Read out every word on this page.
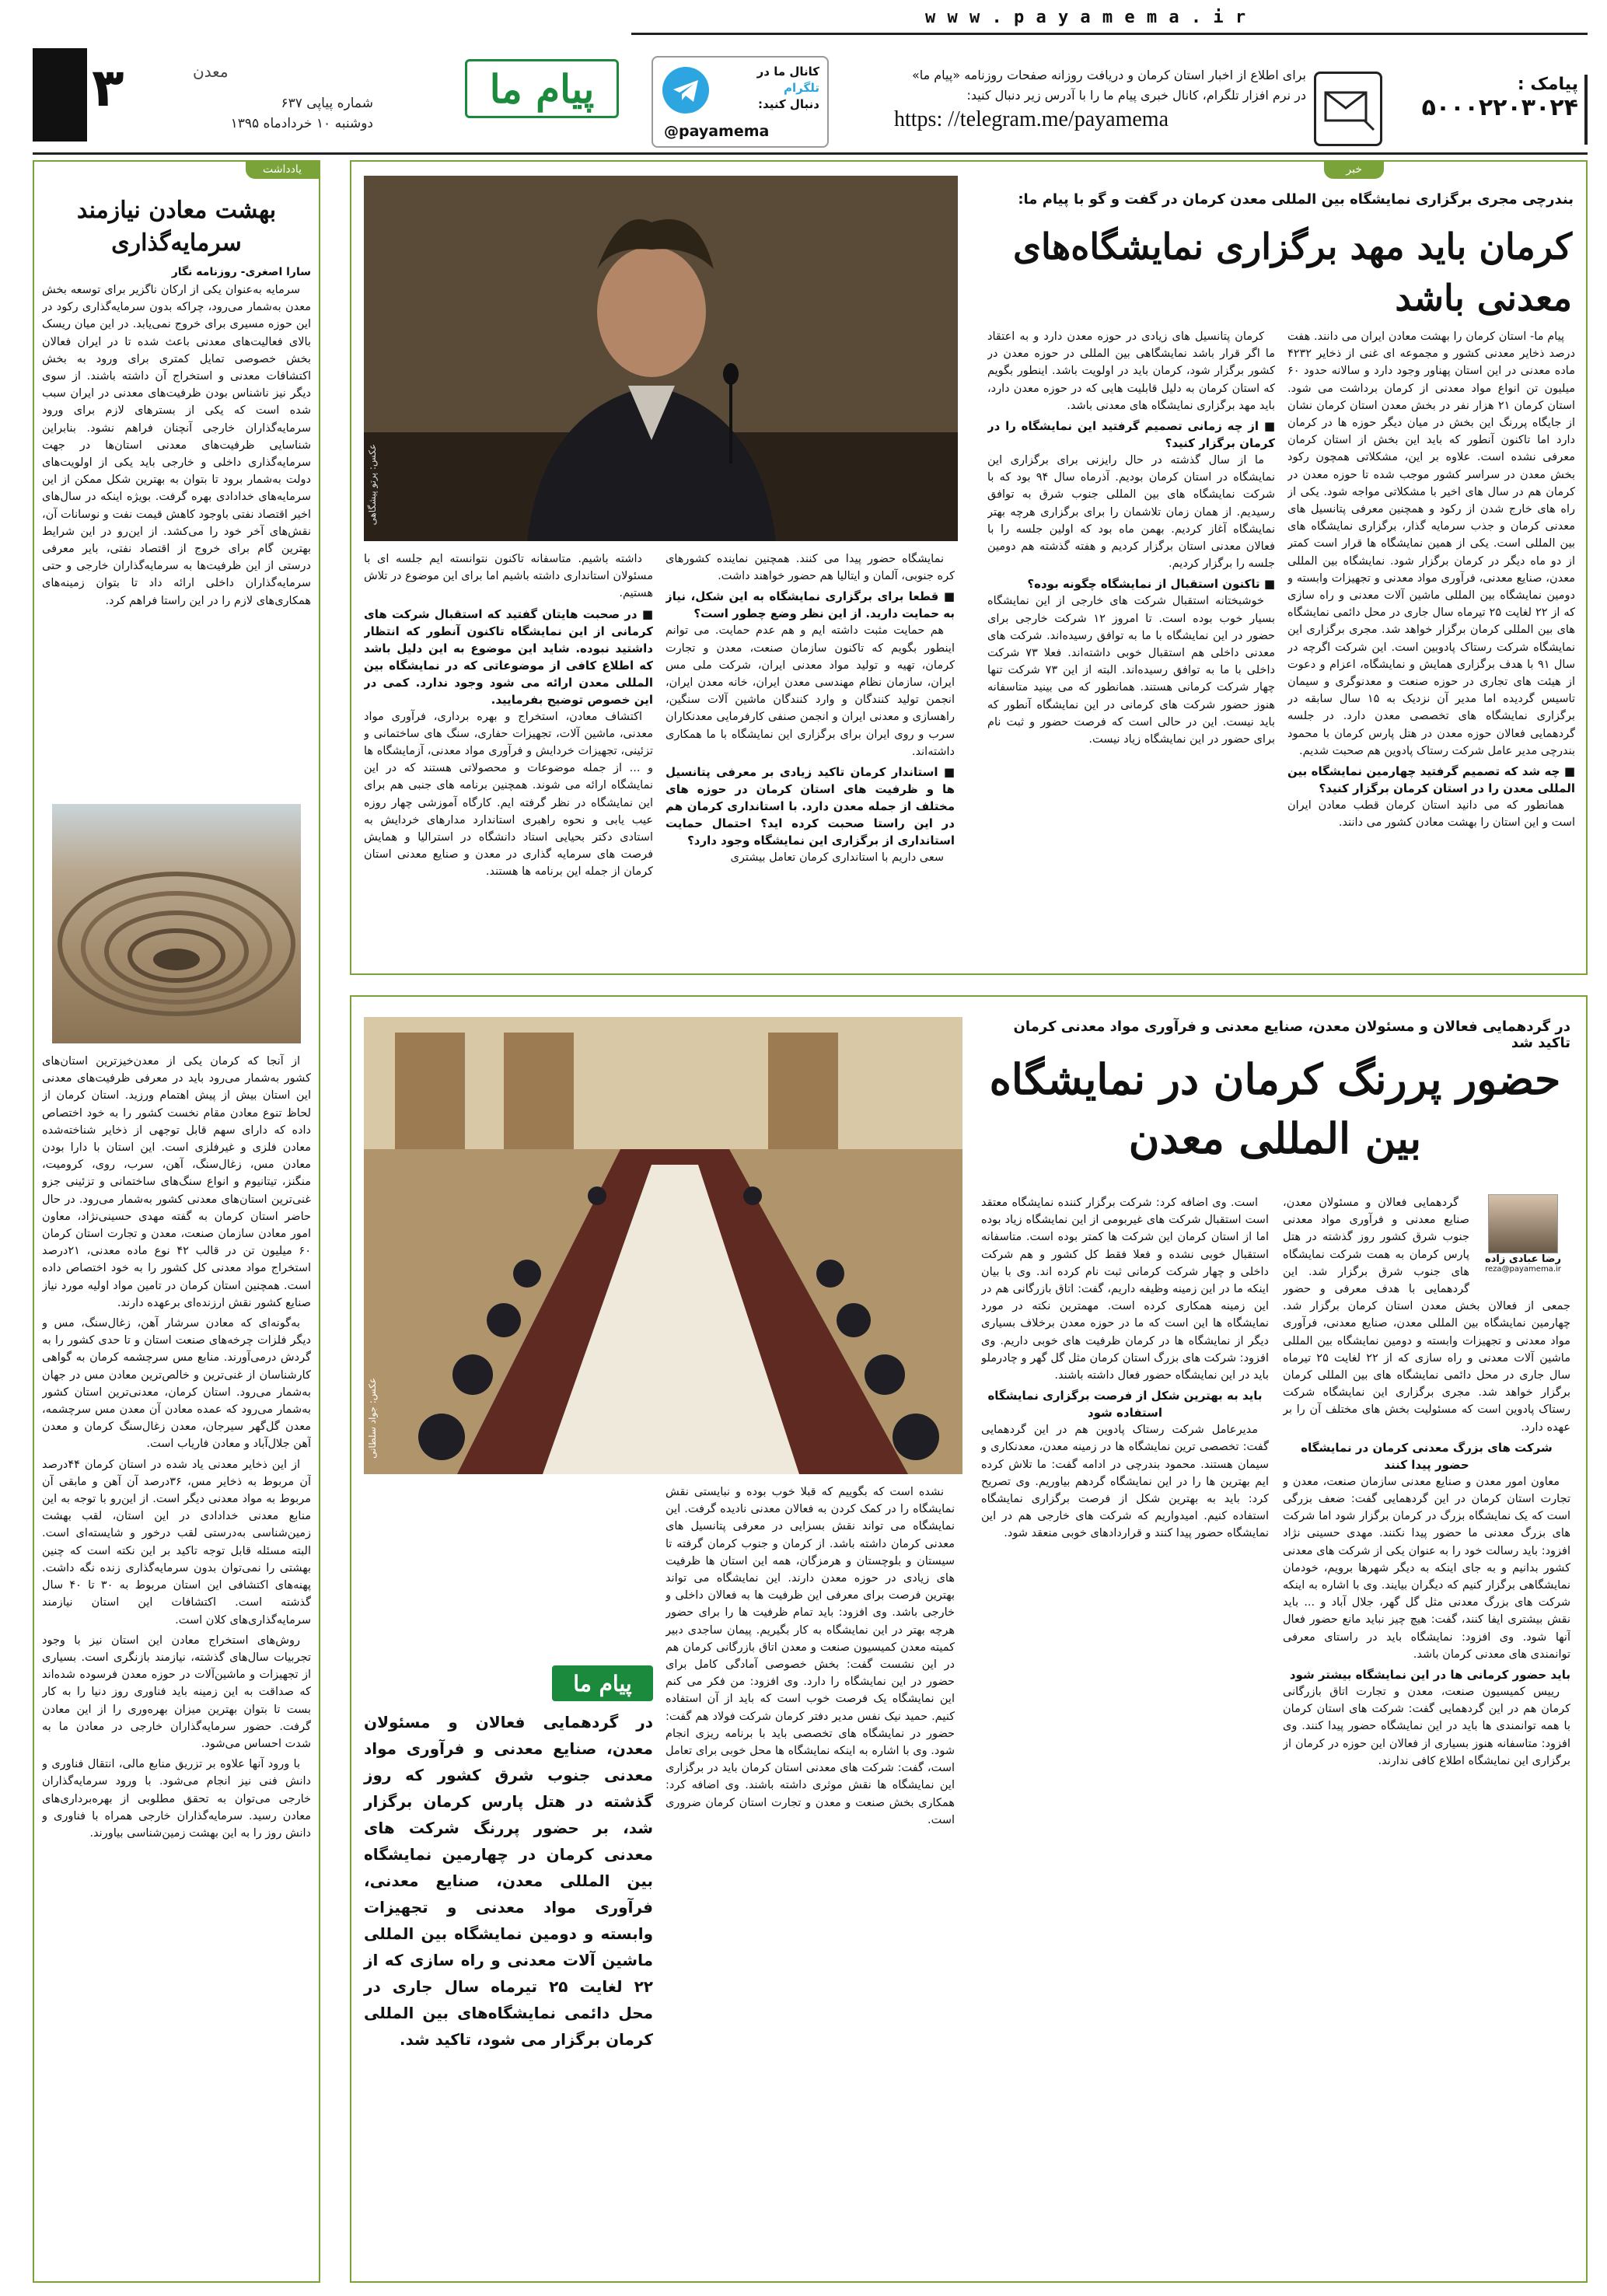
w w w . p a y a m e m a . i r
۳	معدن
شماره پیاپی ۶۳۷
دوشنبه ۱۰ خردادماه ۱۳۹۵
پیام ما	کانال ما در
تلگرام
دنبال کنید:
@payamema
برای اطلاع از اخبار استان کرمان و دریافت روزانه صفحات روزنامه «پیام ما»
در نرم افزار تلگرام، کانال خبری پیام ما را با آدرس زیر دنبال کنید:
https: //telegram.me/payamema
پیامک :
۵۰۰۰۲۲۰۳۰۲۴
یادداشت
بهشت معادن نیازمند سرمایه‌گذاری
سارا اصغری- روزنامه نگار

سرمایه به‌عنوان یکی از ارکان ناگزیر برای توسعه بخش معدن به‌شمار می‌رود، چراکه بدون سرمایه‌گذاری رکود در این حوزه مسیری برای خروج نمی‌یابد. در این میان ریسک بالای فعالیت‌های معدنی باعث شده تا در ایران فعالان بخش خصوصی تمایل کمتری برای ورود به بخش اکتشافات معدنی و استخراج آن داشته باشند. از سوی دیگر نیز ناشناس بودن ظرفیت‌های معدنی در ایران سبب شده است که یکی از بسترهای لازم برای ورود سرمایه‌گذاران خارجی آنچنان فراهم نشود. بنابراین شناسایی ظرفیت‌های معدنی استان‌ها در جهت سرمایه‌گذاری داخلی و خارجی باید یکی از اولویت‌های دولت به‌شمار برود تا بتوان به بهترین شکل ممکن از این سرمایه‌های خدادادی بهره گرفت. بویژه اینکه در سال‌های اخیر اقتصاد نفتی باوجود کاهش قیمت نفت و نوسانات آن، نقش‌های آخر خود را می‌کشد. از این‌رو در این شرایط بهترین گام برای خروج از اقتصاد نفتی، بایر معرفی درستی از این ظرفیت‌ها به سرمایه‌گذاران خارجی و حتی سرمایه‌گذاران داخلی ارائه داد تا بتوان زمینه‌های همکاری‌های لازم را در این راستا فراهم کرد.

از آنجا که کرمان یکی از معدن‌خیزترین استان‌های کشور به‌شمار می‌رود باید در معرفی ظرفیت‌های معدنی این استان بیش از پیش اهتمام ورزید. استان کرمان از لحاظ تنوع معادن مقام نخست کشور را به خود اختصاص داده که دارای سهم قابل توجهی از ذخایر شناخته‌شده معادن فلزی و غیرفلزی است. این استان با دارا بودن معادن مس، زغال‌سنگ، آهن، سرب، روی، کرومیت، منگنز، تیتانیوم و انواع سنگ‌های ساختمانی و تزئینی جزو غنی‌ترین استان‌های معدنی کشور به‌شمار می‌رود. در حال حاضر استان کرمان به گفته مهدی حسینی‌نژاد، معاون امور معادن سازمان صنعت، معدن و تجارت استان کرمان ۶۰ میلیون تن در قالب ۴۲ نوع ماده معدنی، ۲۱درصد استخراج مواد معدنی کل کشور را به خود اختصاص داده است. همچنین استان کرمان در تامین مواد اولیه مورد نیاز صنایع کشور نقش ارزنده‌ای برعهده دارند.

به‌گونه‌ای که معادن سرشار آهن، زغال‌سنگ، مس و دیگر فلزات چرخه‌های صنعت استان و تا حدی کشور را به گردش درمی‌آورند. منابع مس سرچشمه کرمان به گواهی کارشناسان از غنی‌ترین و خالص‌ترین معادن مس در جهان به‌شمار می‌رود. استان کرمان، معدنی‌ترین استان کشور به‌شمار می‌رود که عمده معادن آن معدن مس سرچشمه، معدن گل‌گهر سیرجان، معدن زغال‌سنگ کرمان و معدن آهن جلال‌آباد و معادن فاریاب است.

از این ذخایر معدنی یاد شده در استان کرمان ۴۴درصد آن مربوط به ذخایر مس، ۳۶درصد آن آهن و مابقی آن مربوط به مواد معدنی دیگر است. از این‌رو با توجه به این منابع معدنی خدادادی در این استان، لقب بهشت زمین‌شناسی به‌درستی لقب درخور و شایسته‌ای است. البته مسئله قابل توجه تاکید بر این نکته است که چنین بهشتی را نمی‌توان بدون سرمایه‌گذاری زنده نگه داشت. پهنه‌های اکتشافی این استان مربوط به ۳۰ تا ۴۰ سال گذشته است. اکتشافات این استان نیازمند سرمایه‌گذاری‌های کلان است.

روش‌های استخراج معادن این استان نیز با وجود تجربیات سال‌های گذشته، نیازمند بازنگری است. بسیاری از تجهیزات و ماشین‌آلات در حوزه معدن فرسوده شده‌اند که صداقت به این زمینه باید فناوری روز دنیا را به کار بست تا بتوان بهترین میزان بهره‌وری را از این معادن گرفت. حضور سرمایه‌گذاران خارجی در معادن ما به شدت احساس می‌شود.

با ورود آنها علاوه بر تزریق منابع مالی، انتقال فناوری و دانش فنی نیز انجام می‌شود. با ورود سرمایه‌گذاران خارجی می‌توان به تحقق مطلوبی از بهره‌برداری‌های معادن رسید. سرمایه‌گذاران خارجی همراه با فناوری و دانش روز را به این بهشت زمین‌شناسی بیاورند.

خبر
بندرچی مجری برگزاری نمایشگاه بین المللی معدن کرمان در گفت و گو با پیام ما:
کرمان باید مهد برگزاری نمایشگاه‌های معدنی باشد
عکس: پرتو پیشگاهی

پیام ما- استان کرمان را بهشت معادن ایران می دانند. هفت درصد ذخایر معدنی کشور و مجموعه ای غنی از ذخایر ۴۲۳۲ ماده معدنی در این استان پهناور وجود دارد و سالانه حدود ۶۰ میلیون تن انواع مواد معدنی از کرمان برداشت می شود. استان کرمان ۲۱ هزار نفر در بخش معدن استان کرمان نشان از جایگاه پررنگ این بخش در میان دیگر حوزه ها در کرمان دارد اما تاکنون آنطور که باید این بخش از استان کرمان معرفی نشده است. علاوه بر این، مشکلاتی همچون رکود بخش معدن در سراسر کشور موجب شده تا حوزه معدن در کرمان هم در سال های اخیر با مشکلاتی مواجه شود. یکی از راه های خارج شدن از رکود و همچنین معرفی پتانسیل های معدنی کرمان و جذب سرمایه گذار، برگزاری نمایشگاه های بین المللی است. یکی از همین نمایشگاه ها قرار است کمتر از دو ماه دیگر در کرمان برگزار شود. نمایشگاه بین المللی معدن، صنایع معدنی، فرآوری مواد معدنی و تجهیزات وابسته و دومین نمایشگاه بین المللی ماشین آلات معدنی و راه سازی که از ۲۲ لغایت ۲۵ تیرماه سال جاری در محل دائمی نمایشگاه های بین المللی کرمان برگزار خواهد شد. مجری برگزاری این نمایشگاه شرکت رستاک پادوبین است. این شرکت اگرچه در سال ۹۱ با هدف برگزاری همایش و نمایشگاه، اعزام و دعوت از هیئت های تجاری در حوزه صنعت و معدنوگری و سیمان تاسیس گردیده اما مدیر آن نزدیک به ۱۵ سال سابقه در برگزاری نمایشگاه های تخصصی معدن دارد. در جلسه گردهمایی فعالان حوزه معدن در هتل پارس کرمان با محمود بندرچی مدیر عامل شرکت رستاک پادوین هم صحبت شدیم.

■ چه شد که تصمیم گرفتید چهارمین نمایشگاه بین المللی معدن را در استان کرمان برگزار کنید؟

همانطور که می دانید استان کرمان قطب معادن ایران است و این استان را بهشت معادن کشور می دانند.

کرمان پتانسیل های زیادی در حوزه معدن دارد و به اعتقاد ما اگر قرار باشد نمایشگاهی بین المللی در حوزه معدن در کشور برگزار شود، کرمان باید در اولویت باشد. اینطور بگویم که استان کرمان به دلیل قابلیت هایی که در حوزه معدن دارد، باید مهد برگزاری نمایشگاه های معدنی باشد.

■ از چه زمانی تصمیم گرفتید این نمایشگاه را در کرمان برگزار کنید؟

ما از سال گذشته در حال رایزنی برای برگزاری این نمایشگاه در استان کرمان بودیم. آذرماه سال ۹۴ بود که با شرکت نمایشگاه های بین المللی جنوب شرق به توافق رسیدیم. از همان زمان تلاشمان را برای برگزاری هرچه بهتر نمایشگاه آغاز کردیم. بهمن ماه بود که اولین جلسه را با فعالان معدنی استان برگزار کردیم و هفته گذشته هم دومین جلسه را برگزار کردیم.

■ تاکنون استقبال از نمایشگاه چگونه بوده؟

خوشبختانه استقبال شرکت های خارجی از این نمایشگاه بسیار خوب بوده است. تا امروز ۱۲ شرکت خارجی برای حضور در این نمایشگاه با ما به توافق رسیده‌اند. شرکت های معدنی داخلی هم استقبال خوبی داشته‌اند. فعلا ۷۳ شرکت داخلی با ما به توافق رسیده‌اند. البته از این ۷۳ شرکت تنها چهار شرکت کرمانی هستند. همانطور که می بینید متاسفانه هنوز حضور شرکت های کرمانی در این نمایشگاه آنطور که باید نیست. این در حالی است که فرصت حضور و ثبت نام برای حضور در این نمایشگاه زیاد نیست.

نمایشگاه حضور پیدا می کنند. همچنین نماینده کشورهای کره جنوبی، آلمان و ایتالیا هم حضور خواهند داشت.

■ قطعا برای برگزاری نمایشگاه به این شکل، نیاز به حمایت دارید. از این نظر وضع چطور است؟

هم حمایت مثبت داشته ایم و هم عدم حمایت. می توانم اینطور بگویم که تاکنون سازمان صنعت، معدن و تجارت کرمان، تهیه و تولید مواد معدنی ایران، شرکت ملی مس ایران، سازمان نظام مهندسی معدن ایران، خانه معدن ایران، انجمن تولید کنندگان و وارد کنندگان ماشین آلات سنگین، راهسازی و معدنی ایران و انجمن صنفی کارفرمایی معدنکاران سرب و روی ایران برای برگزاری این نمایشگاه با ما همکاری داشته‌اند.

■ استاندار کرمان تاکید زیادی بر معرفی پتانسیل ها و ظرفیت های استان کرمان در حوزه های مختلف از جمله معدن دارد. با استانداری کرمان هم در این راستا صحبت کرده اید؟ احتمال حمایت استانداری از برگزاری این نمایشگاه وجود دارد؟

سعی داریم با استانداری کرمان تعامل بیشتری

داشته باشیم. متاسفانه تاکنون نتوانسته ایم جلسه ای با مسئولان استانداری داشته باشیم اما برای این موضوع در تلاش هستیم.

■ در صحبت هایتان گفتید که استقبال شرکت های کرمانی از این نمایشگاه تاکنون آنطور که انتظار داشتید نبوده. شاید این موضوع به این دلیل باشد که اطلاع کافی از موضوعاتی که در نمایشگاه بین المللی معدن ارائه می شود وجود ندارد. کمی در این خصوص توضیح بفرمایید.

اکتشاف معادن، استخراج و بهره برداری، فرآوری مواد معدنی، ماشین آلات، تجهیزات حفاری، سنگ های ساختمانی و تزئینی، تجهیزات خردایش و فرآوری مواد معدنی، آزمایشگاه ها و ... از جمله موضوعات و محصولاتی هستند که در این نمایشگاه ارائه می شوند. همچنین برنامه های جنبی هم برای این نمایشگاه در نظر گرفته ایم. کارگاه آموزشی چهار روزه عیب یابی و نحوه راهبری استاندارد مدارهای خردایش به استادی دکتر بحیایی استاد دانشگاه در استرالیا و همایش فرصت های سرمایه گذاری در معدن و صنایع معدنی استان کرمان از جمله این برنامه ها هستند.

در گردهمایی فعالان و مسئولان معدن، صنایع معدنی و فرآوری مواد معدنی کرمان تاکید شد
حضور پررنگ کرمان در نمایشگاه بین المللی معدن
عکس: جواد سلطانی
رضا عبادی زاده
reza@payamema.ir

گردهمایی فعالان و مسئولان معدن، صنایع معدنی و فرآوری مواد معدنی جنوب شرق کشور روز گذشته در هتل پارس کرمان به همت شرکت نمایشگاه های جنوب شرق برگزار شد. این گردهمایی با هدف معرفی و حضور جمعی از فعالان بخش معدن استان کرمان برگزار شد. چهارمین نمایشگاه بین المللی معدن، صنایع معدنی، فرآوری مواد معدنی و تجهیزات وابسته و دومین نمایشگاه بین المللی ماشین آلات معدنی و راه سازی که از ۲۲ لغایت ۲۵ تیرماه سال جاری در محل دائمی نمایشگاه های بین المللی کرمان برگزار خواهد شد. مجری برگزاری این نمایشگاه شرکت رستاک پادوین است که مسئولیت بخش های مختلف آن را بر عهده دارد.

شرکت های بزرگ معدنی کرمان در نمایشگاه حضور پیدا کنند

معاون امور معدن و صنایع معدنی سازمان صنعت، معدن و تجارت استان کرمان در این گردهمایی گفت: ضعف بزرگی است که یک نمایشگاه بزرگ در کرمان برگزار شود اما شرکت های بزرگ معدنی ما حضور پیدا نکنند. مهدی حسینی نژاد افزود: باید رسالت خود را به عنوان یکی از شرکت های معدنی کشور بدانیم و به جای اینکه به دیگر شهرها برویم، خودمان نمایشگاهی برگزار کنیم که دیگران بیایند. وی با اشاره به اینکه شرکت های بزرگ معدنی مثل گل گهر، جلال آباد و ... باید نقش بیشتری ایفا کنند، گفت: هیچ چیز نباید مانع حضور فعال آنها شود. وی افزود: نمایشگاه باید در راستای معرفی توانمندی های معدنی کرمان باشد.

باید حضور کرمانی ها در این نمایشگاه بیشتر شود

رییس کمیسیون صنعت، معدن و تجارت اتاق بازرگانی کرمان هم در این گردهمایی گفت: شرکت های استان کرمان با همه توانمندی ها باید در این نمایشگاه حضور پیدا کنند. وی افزود: متاسفانه هنوز بسیاری از فعالان این حوزه در کرمان از برگزاری این نمایشگاه اطلاع کافی ندارند.

است. وی اضافه کرد: شرکت برگزار کننده نمایشگاه معتقد است استقبال شرکت های غیربومی از این نمایشگاه زیاد بوده اما از استان کرمان این شرکت ها کمتر بوده است. متاسفانه استقبال خوبی نشده و فعلا فقط کل کشور و هم شرکت داخلی و چهار شرکت کرمانی ثبت نام کرده اند. وی با بیان اینکه ما در این زمینه وظیفه داریم، گفت: اتاق بازرگانی هم در این زمینه همکاری کرده است. مهمترین نکته در مورد نمایشگاه ها این است که ما در حوزه معدن برخلاف بسیاری دیگر از نمایشگاه ها در کرمان ظرفیت های خوبی داریم. وی افزود: شرکت های بزرگ استان کرمان مثل گل گهر و چادرملو باید در این نمایشگاه حضور فعال داشته باشند.

باید به بهترین شکل از فرصت برگزاری نمایشگاه استفاده شود

مدیرعامل شرکت رستاک پادوین هم در این گردهمایی گفت: تخصصی ترین نمایشگاه ها در زمینه معدن، معدنکاری و سیمان هستند. محمود بندرچی در ادامه گفت: ما تلاش کرده ایم بهترین ها را در این نمایشگاه گردهم بیاوریم. وی تصریح کرد: باید به بهترین شکل از فرصت برگزاری نمایشگاه استفاده کنیم. امیدواریم که شرکت های خارجی هم در این نمایشگاه حضور پیدا کنند و قراردادهای خوبی منعقد شود.

نشده است که بگوییم که قبلا خوب بوده و نبایستی نقش نمایشگاه را در کمک کردن به فعالان معدنی نادیده گرفت. این نمایشگاه می تواند نقش بسزایی در معرفی پتانسیل های معدنی کرمان داشته باشد. از کرمان و جنوب کرمان گرفته تا سیستان و بلوچستان و هرمزگان، همه این استان ها ظرفیت های زیادی در حوزه معدن دارند. این نمایشگاه می تواند بهترین فرصت برای معرفی این ظرفیت ها به فعالان داخلی و خارجی باشد. وی افزود: باید تمام ظرفیت ها را برای حضور هرچه بهتر در این نمایشگاه به کار بگیریم. پیمان ساجدی دبیر کمیته معدن کمیسیون صنعت و معدن اتاق بازرگانی کرمان هم در این نشست گفت: بخش خصوصی آمادگی کامل برای حضور در این نمایشگاه را دارد. وی افزود: من فکر می کنم این نمایشگاه یک فرصت خوب است که باید از آن استفاده کنیم. حمید نیک نفس مدیر دفتر کرمان شرکت فولاد هم گفت: حضور در نمایشگاه های تخصصی باید با برنامه ریزی انجام شود. وی با اشاره به اینکه نمایشگاه ها محل خوبی برای تعامل است، گفت: شرکت های معدنی استان کرمان باید در برگزاری این نمایشگاه ها نقش موثری داشته باشند. وی اضافه کرد: همکاری بخش صنعت و معدن و تجارت استان کرمان ضروری است.

پیام ما
در گردهمایی فعالان و مسئولان معدن، صنایع معدنی و فرآوری مواد معدنی جنوب شرق کشور که روز گذشته در هتل پارس کرمان برگزار شد، بر حضور پررنگ شرکت های معدنی کرمان در چهارمین نمایشگاه بین المللی معدن، صنایع معدنی، فرآوری مواد معدنی و تجهیزات وابسته و دومین نمایشگاه بین المللی ماشین آلات معدنی و راه سازی که از ۲۲ لغایت ۲۵ تیرماه سال جاری در محل دائمی نمایشگاه‌های بین المللی کرمان برگزار می شود، تاکید شد.
